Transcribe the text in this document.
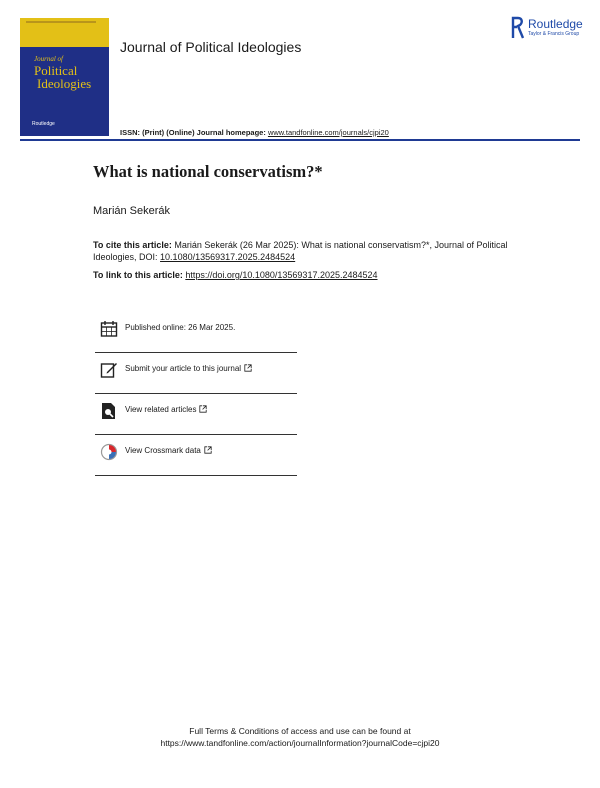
Journal of
Political
Ideologies
Routledge
Journal of Political Ideologies
Routledge
Taylor & Francis Group
ISSN: (Print) (Online) Journal homepage: www.tandfonline.com/journals/cjpi20
What is national conservatism?*
Marián Sekerák
To cite this article: Marián Sekerák (26 Mar 2025): What is national conservatism?*, Journal of Political Ideologies, DOI: 10.1080/13569317.2025.2484524
To link to this article: https://doi.org/10.1080/13569317.2025.2484524
Published online: 26 Mar 2025.
Submit your article to this journal
View related articles
View Crossmark data
Full Terms & Conditions of access and use can be found at
https://www.tandfonline.com/action/journalInformation?journalCode=cjpi20
